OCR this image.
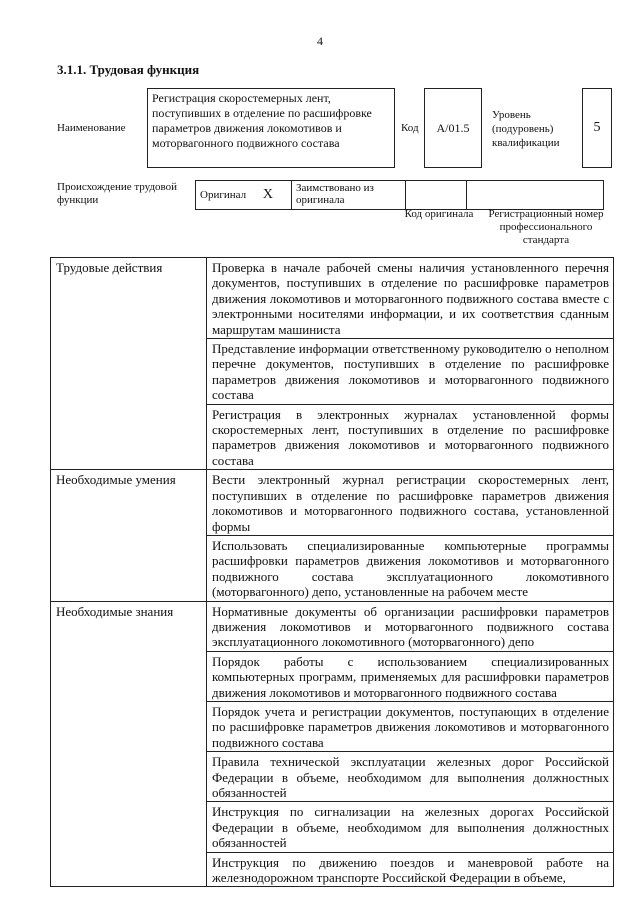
4
3.1.1. Трудовая функция
Наименование
Регистрация скоростемерных лент, поступивших в отделение по расшифровке параметров движения локомотивов и моторвагонного подвижного состава
Код	А/01.5
Уровень (подуровень) квалификации
5
Происхождение трудовой функции	Оригинал X	Заимствовано из оригинала		
Код оригинала	Регистрационный номер профессионального стандарта
Трудовые действия	Проверка в начале рабочей смены наличия установленного перечня документов, поступивших в отделение по расшифровке параметров движения локомотивов и моторвагонного подвижного состава вместе с электронными носителями информации, и их соответствия сданным маршрутам машиниста
	Представление информации ответственному руководителю о неполном перечне документов, поступивших в отделение по расшифровке параметров движения локомотивов и моторвагонного подвижного состава
	Регистрация в электронных журналах установленной формы скоростемерных лент, поступивших в отделение по расшифровке параметров движения локомотивов и моторвагонного подвижного состава
Необходимые умения	Вести электронный журнал регистрации скоростемерных лент, поступивших в отделение по расшифровке параметров движения локомотивов и моторвагонного подвижного состава, установленной формы
	Использовать специализированные компьютерные программы расшифровки параметров движения локомотивов и моторвагонного подвижного состава эксплуатационного локомотивного (моторвагонного) депо, установленные на рабочем месте
Необходимые знания	Нормативные документы об организации расшифровки параметров движения локомотивов и моторвагонного подвижного состава эксплуатационного локомотивного (моторвагонного) депо
	Порядок работы с использованием специализированных компьютерных программ, применяемых для расшифровки параметров движения локомотивов и моторвагонного подвижного состава
	Порядок учета и регистрации документов, поступающих в отделение по расшифровке параметров движения локомотивов и моторвагонного подвижного состава
	Правила технической эксплуатации железных дорог Российской Федерации в объеме, необходимом для выполнения должностных обязанностей
	Инструкция по сигнализации на железных дорогах Российской Федерации в объеме, необходимом для выполнения должностных обязанностей
	Инструкция по движению поездов и маневровой работе на железнодорожном транспорте Российской Федерации в объеме,
